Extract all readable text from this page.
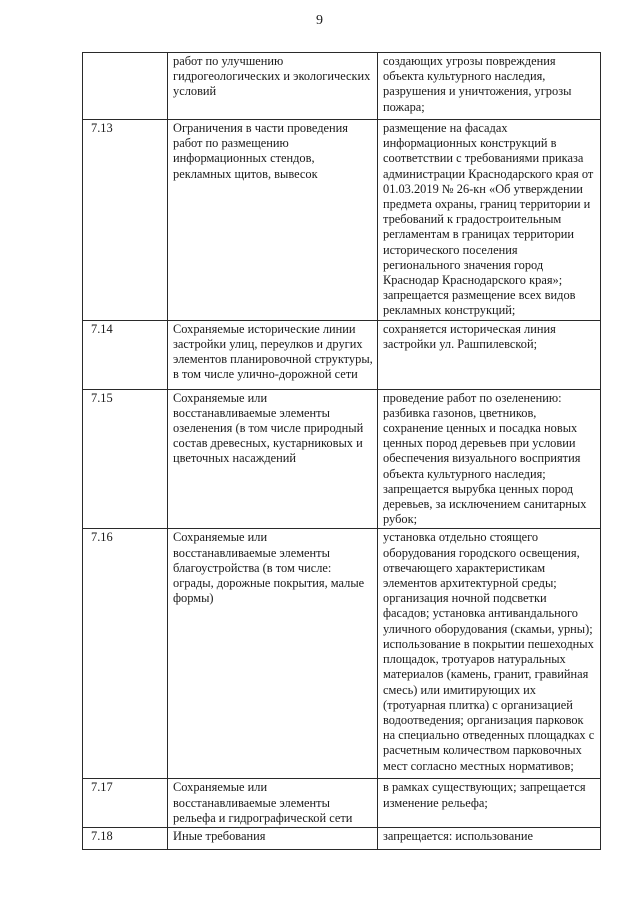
9
	работ по улучшению гидрогеологических и экологических условий	создающих угрозы повреждения объекта культурного наследия, разрушения и уничтожения, угрозы пожара;
7.13	Ограничения в части проведения работ по размещению информационных стендов, рекламных щитов, вывесок	размещение на фасадах информационных конструкций в соответствии с требованиями приказа администрации Краснодарского края от 01.03.2019 № 26-кн «Об утверждении предмета охраны, границ территории и требований к градостроительным регламентам в границах территории исторического поселения регионального значения город Краснодар Краснодарского края»; запрещается размещение всех видов рекламных конструкций;
7.14	Сохраняемые исторические линии застройки улиц, переулков и других элементов планировочной структуры, в том числе улично-дорожной сети	сохраняется историческая линия застройки ул. Рашпилевской;
7.15	Сохраняемые или восстанавливаемые элементы озеленения (в том числе природный состав древесных, кустарниковых и цветочных насаждений	проведение работ по озеленению: разбивка газонов, цветников, сохранение ценных и посадка новых ценных пород деревьев при условии обеспечения визуального восприятия объекта культурного наследия; запрещается вырубка ценных пород деревьев, за исключением санитарных рубок;
7.16	Сохраняемые или восстанавливаемые элементы благоустройства (в том числе: ограды, дорожные покрытия, малые формы)	установка отдельно стоящего оборудования городского освещения, отвечающего характеристикам элементов архитектурной среды; организация ночной подсветки фасадов; установка антивандального уличного оборудования (скамьи, урны); использование в покрытии пешеходных площадок, тротуаров натуральных материалов (камень, гранит, гравийная смесь) или имитирующих их (тротуарная плитка) с организацией водоотведения; организация парковок на специально отведенных площадках с расчетным количеством парковочных мест согласно местных нормативов;
7.17	Сохраняемые или восстанавливаемые элементы рельефа и гидрографической сети	в рамках существующих; запрещается изменение рельефа;
7.18	Иные требования	запрещается: использование
